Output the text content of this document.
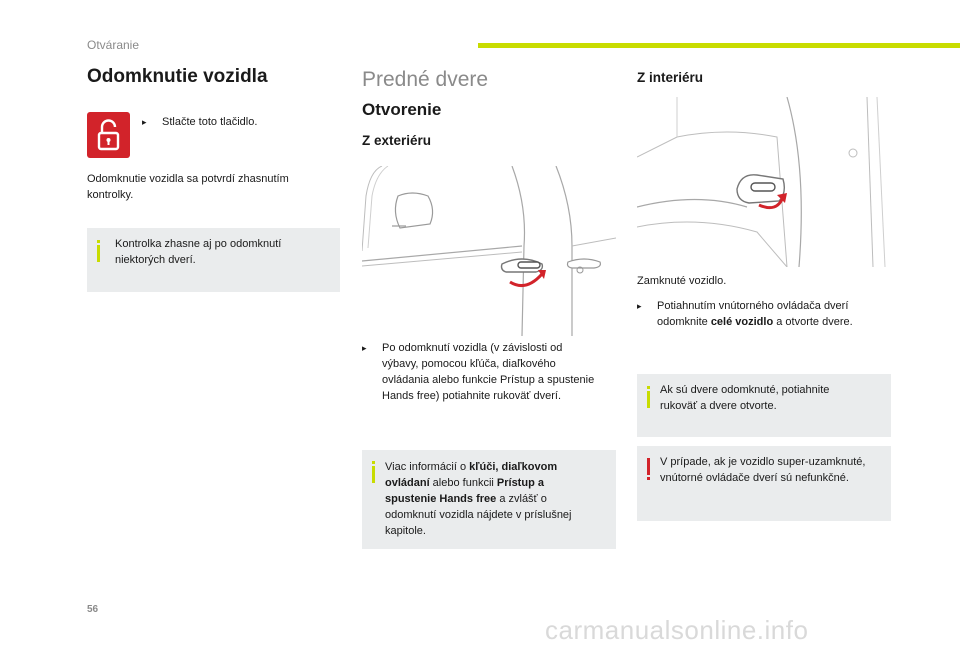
Otváranie
Odomknutie vozidla
▸ Stlačte toto tlačidlo.
Odomknutie vozidla sa potvrdí zhasnutím kontrolky.
Kontrolka zhasne aj po odomknutí
niektorých dverí.
Predné dvere
Otvorenie
Z exteriéru
▸ Po odomknutí vozidla (v závislosti od
výbavy, pomocou kľúča, diaľkového
ovládania alebo funkcie Prístup a spustenie
Hands free) potiahnite rukoväť dverí.
Viac informácií o kľúči, diaľkovom
ovládaní alebo funkcii Prístup a
spustenie Hands free a zvlášť o
odomknutí vozidla nájdete v príslušnej
kapitole.
Z interiéru
Zamknuté vozidlo.
▸ Potiahnutím vnútorného ovládača dverí
odomknite celé vozidlo a otvorte dvere.
Ak sú dvere odomknuté, potiahnite
rukoväť a dvere otvorte.
V prípade, ak je vozidlo super-uzamknuté,
vnútorné ovládače dverí sú nefunkčné.
56
carmanualsonline.info
